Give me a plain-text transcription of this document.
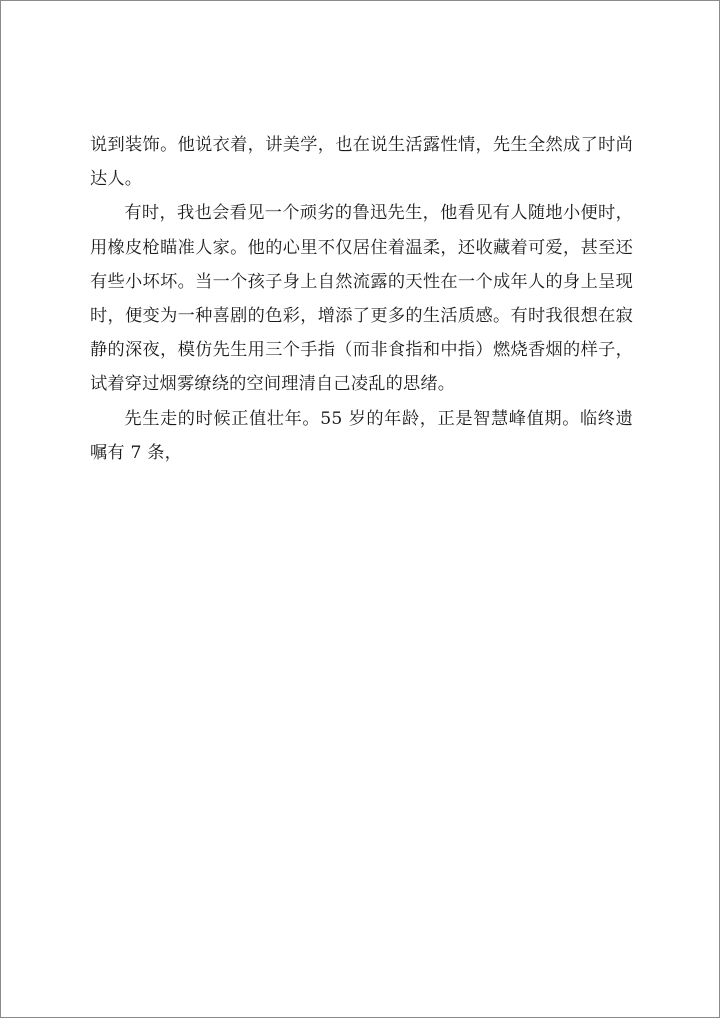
说到装饰。他说衣着，讲美学，也在说生活露性情，先生全然成了时尚达人。

有时，我也会看见一个顽劣的鲁迅先生，他看见有人随地小便时，用橡皮枪瞄准人家。他的心里不仅居住着温柔，还收藏着可爱，甚至还有些小坏坏。当一个孩子身上自然流露的天性在一个成年人的身上呈现时，便变为一种喜剧的色彩，增添了更多的生活质感。有时我很想在寂静的深夜，模仿先生用三个手指（而非食指和中指）燃烧香烟的样子，试着穿过烟雾缭绕的空间理清自己凌乱的思绪。

先生走的时候正值壮年。55 岁的年龄，正是智慧峰值期。临终遗嘱有 7 条，
